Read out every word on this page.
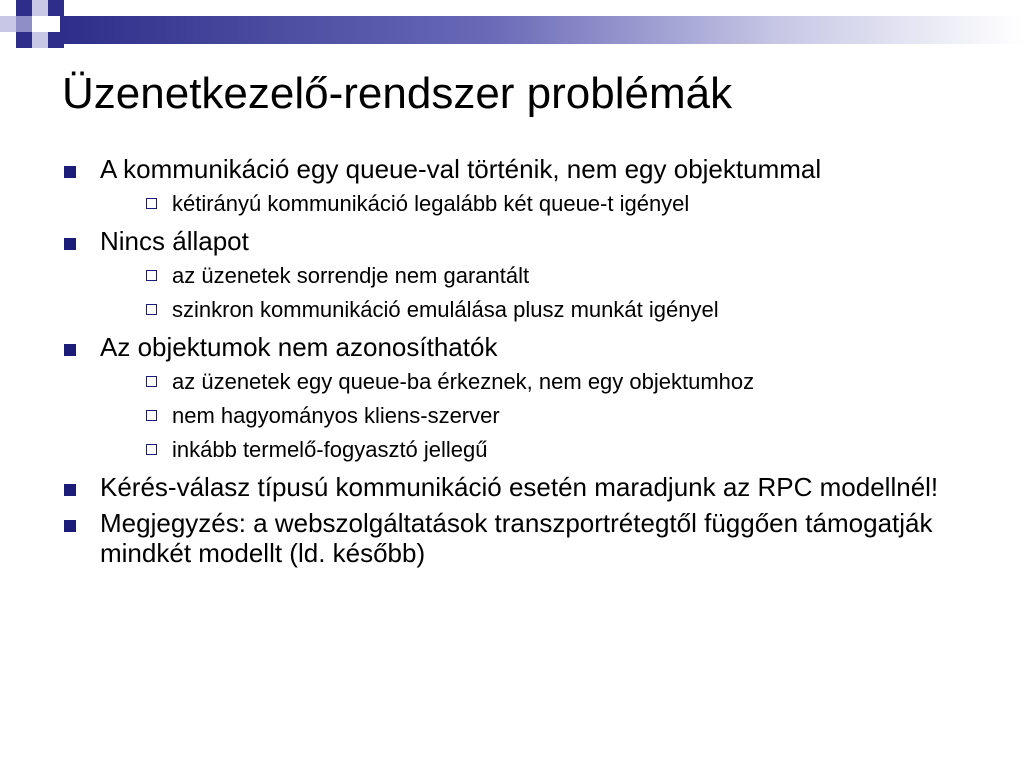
Üzenetkezelő-rendszer problémák
A kommunikáció egy queue-val történik, nem egy objektummal
kétirányú kommunikáció legalább két queue-t igényel
Nincs állapot
az üzenetek sorrendje nem garantált
szinkron kommunikáció emulálása plusz munkát igényel
Az objektumok nem azonosíthatók
az üzenetek egy queue-ba érkeznek, nem egy objektumhoz
nem hagyományos kliens-szerver
inkább termelő-fogyasztó jellegű
Kérés-válasz típusú kommunikáció esetén maradjunk az RPC modellnél!
Megjegyzés: a webszolgáltatások transzportrétegtől függően támogatják mindkét modellt (ld. később)
